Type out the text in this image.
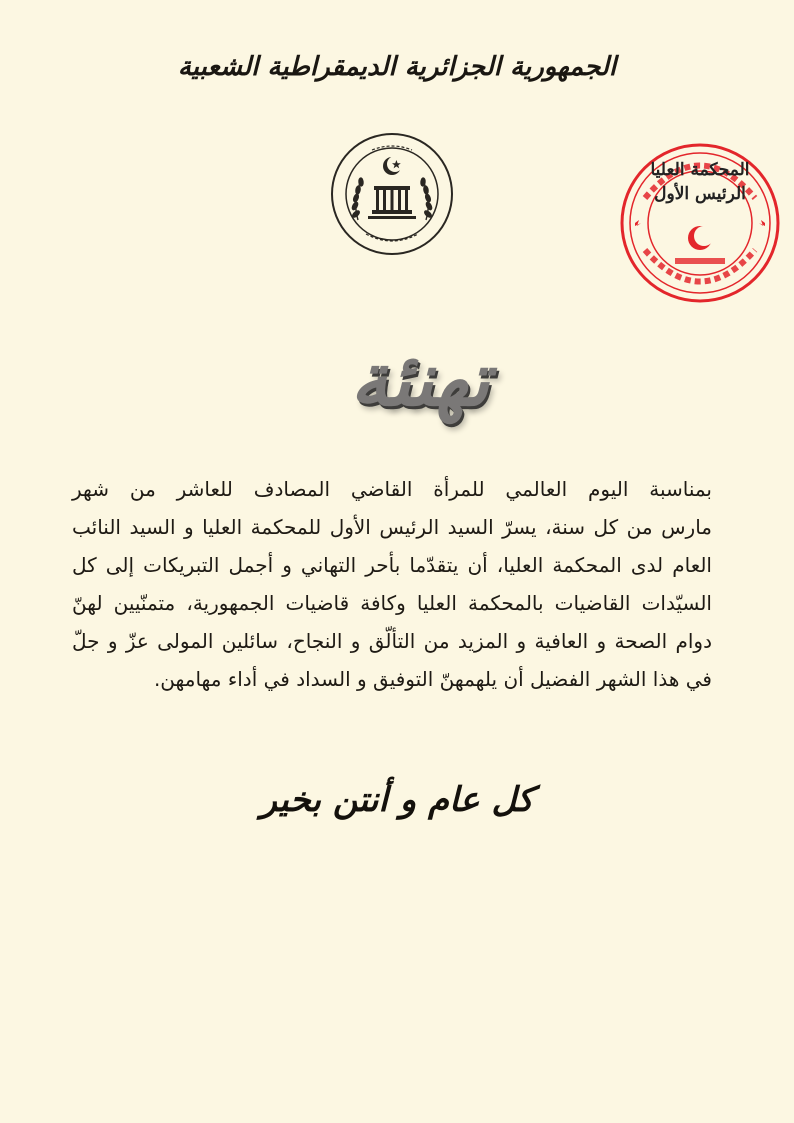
الجمهورية الجزائرية الديمقراطية الشعبية
المحكمة العليا
الرئيس الأول
تهنئة
بمناسبة اليوم العالمي للمرأة القاضي المصادف للعاشر من شهر
مارس من كل سنة، يسرّ السيد الرئيس الأول للمحكمة العليا و السيد النائب
العام لدى المحكمة العليا، أن يتقدّما بأحر التهاني و أجمل التبريكات إلى كل
السيّدات القاضيات بالمحكمة العليا وكافة قاضيات الجمهورية، متمنّيين لهنّ
دوام الصحة و العافية و المزيد من التألّق و النجاح، سائلين المولى عزّ و جلّ
في هذا الشهر الفضيل أن يلهمهنّ التوفيق و السداد في أداء مهامهن.
كل عام و أنتن بخير
